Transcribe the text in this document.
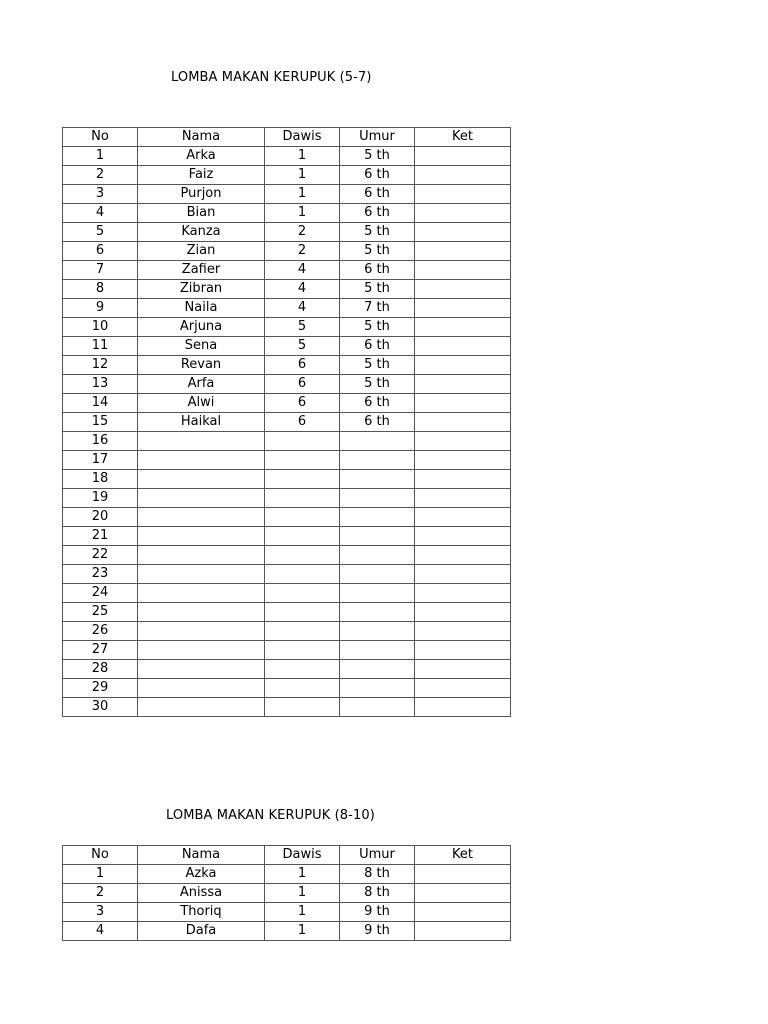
LOMBA MAKAN KERUPUK (5-7)
No	Nama	Dawis	Umur	Ket
1	Arka	1	5 th	
2	Faiz	1	6 th	
3	Purjon	1	6 th	
4	Bian	1	6 th	
5	Kanza	2	5 th	
6	Zian	2	5 th	
7	Zafier	4	6 th	
8	Zibran	4	5 th	
9	Naila	4	7 th	
10	Arjuna	5	5 th	
11	Sena	5	6 th	
12	Revan	6	5 th	
13	Arfa	6	5 th	
14	Alwi	6	6 th	
15	Haikal	6	6 th	
16				
17				
18				
19				
20				
21				
22				
23				
24				
25				
26				
27				
28				
29				
30				
LOMBA MAKAN KERUPUK (8-10)
No	Nama	Dawis	Umur	Ket
1	Azka	1	8 th	
2	Anissa	1	8 th	
3	Thoriq	1	9 th	
4	Dafa	1	9 th	
